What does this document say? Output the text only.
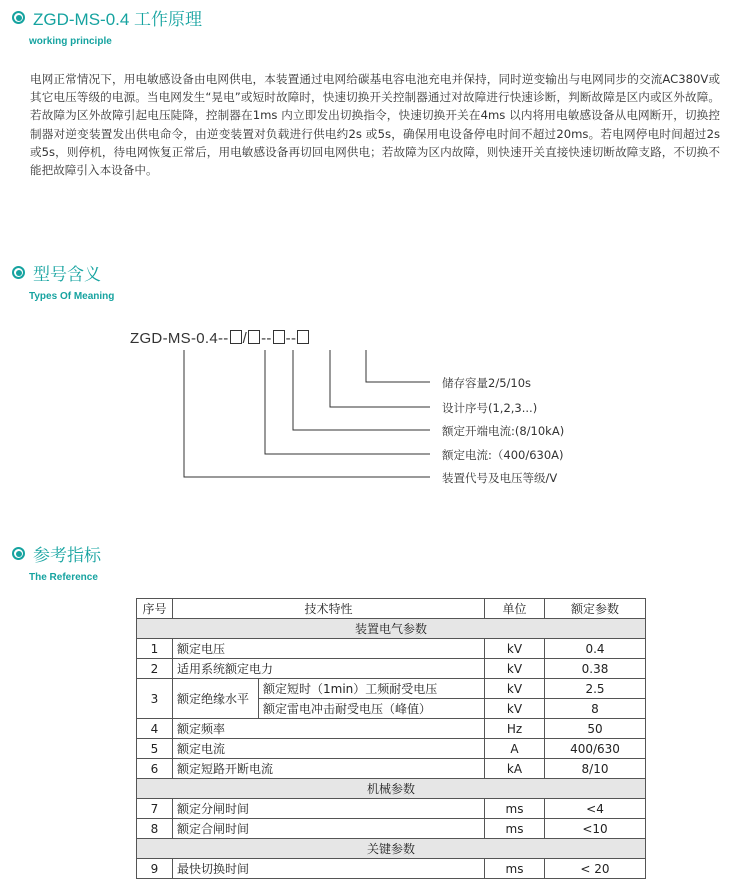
ZGD-MS-0.4 工作原理
working principle
电网正常情况下，用电敏感设备由电网供电，本装置通过电网给碳基电容电池充电并保持，同时逆变输出与电网同步的交流AC380V或其它电压等级的电源。当电网发生“晃电”或短时故障时，快速切换开关控制器通过对故障进行快速诊断，判断故障是区内或区外故障。若故障为区外故障引起电压陡降，控制器在1ms 内立即发出切换指令，快速切换开关在4ms 以内将用电敏感设备从电网断开，切换控制器对逆变装置发出供电命令，由逆变装置对负载进行供电约2s 或5s，确保用电设备停电时间不超过20ms。若电网停电时间超过2s 或5s，则停机，待电网恢复正常后，用电敏感设备再切回电网供电；若故障为区内故障，则快速开关直接快速切断故障支路，不切换不能把故障引入本设备中。
型号含义
Types Of Meaning
ZGD-MS-0.4-- / -- --
储存容量2/5/10s
设计序号(1,2,3...)
额定开端电流:(8/10kA)
额定电流:（400/630A)
装置代号及电压等级/V
参考指标
The Reference
序号	技术特性		单位	额定参数
装置电气参数				
1	额定电压		kV	0.4
2	适用系统额定电力		kV	0.38
3	额定绝缘水平	额定短时（1min）工频耐受电压	kV	2.5
		额定雷电冲击耐受电压（峰值）	kV	8
4	额定频率		Hz	50
5	额定电流		A	400/630
6	额定短路开断电流		kA	8/10
机械参数				
7	额定分闸时间		ms	<4
8	额定合闸时间		ms	<10
关键参数				
9	最快切换时间		ms	< 20
